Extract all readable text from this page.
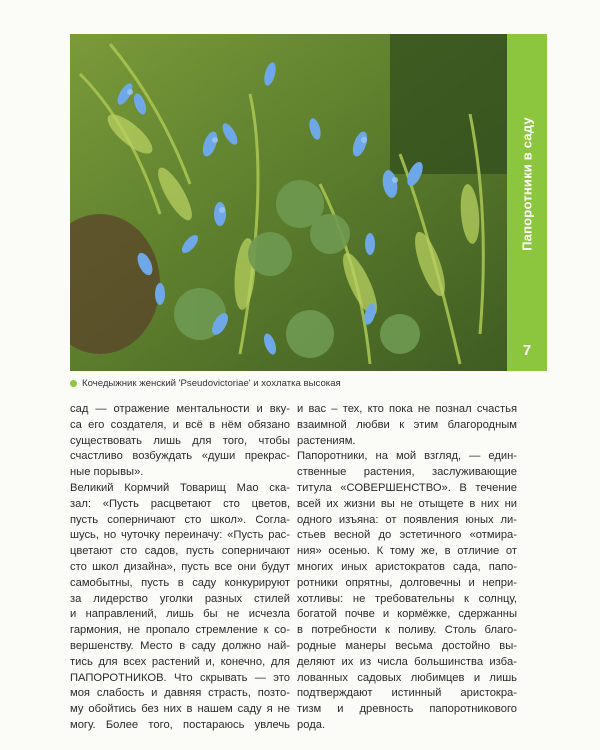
Папоротники в саду
7
Кочедыжник женский 'Pseudovictoriae' и хохлатка высокая
сад — отражение ментальности и вку-
са его создателя, и всё в нём обязано
существовать лишь для того, чтобы
счастливо возбуждать «души прекрас-
ные порывы».
Великий Кормчий Товарищ Мао ска-
зал: «Пусть расцветают сто цветов,
пусть соперничают сто школ». Согла-
шусь, но чуточку переиначу: «Пусть рас-
цветают сто садов, пусть соперничают
сто школ дизайна», пусть все они будут
самобытны, пусть в саду конкурируют
за лидерство уголки разных стилей
и направлений, лишь бы не исчезла
гармония, не пропало стремление к со-
вершенству. Место в саду должно най-
тись для всех растений и, конечно, для
ПАПОРОТНИКОВ. Что скрывать — это
моя слабость и давняя страсть, позто-
му обойтись без них в нашем саду я не
могу. Более того, постараюсь увлечь
и вас – тех, кто пока не познал счастья
взаимной любви к этим благородным
растениям.
Папоротники, на мой взгляд, — един-
ственные растения, заслуживающие
титула «СОВЕРШЕНСТВО». В течение
всей их жизни вы не отыщете в них ни
одного изъяна: от появления юных ли-
стьев весной до эстетичного «отмира-
ния» осенью. К тому же, в отличие от
многих иных аристократов сада, папо-
ротники опрятны, долговечны и непри-
хотливы: не требовательны к солнцу,
богатой почве и кормёжке, сдержанны
в потребности к поливу. Столь благо-
родные манеры весьма достойно вы-
деляют их из числа большинства избa-
лованных садовых любимцев и лишь
подтверждают истинный аристокра-
тизм и древность папоротникового
рода.
